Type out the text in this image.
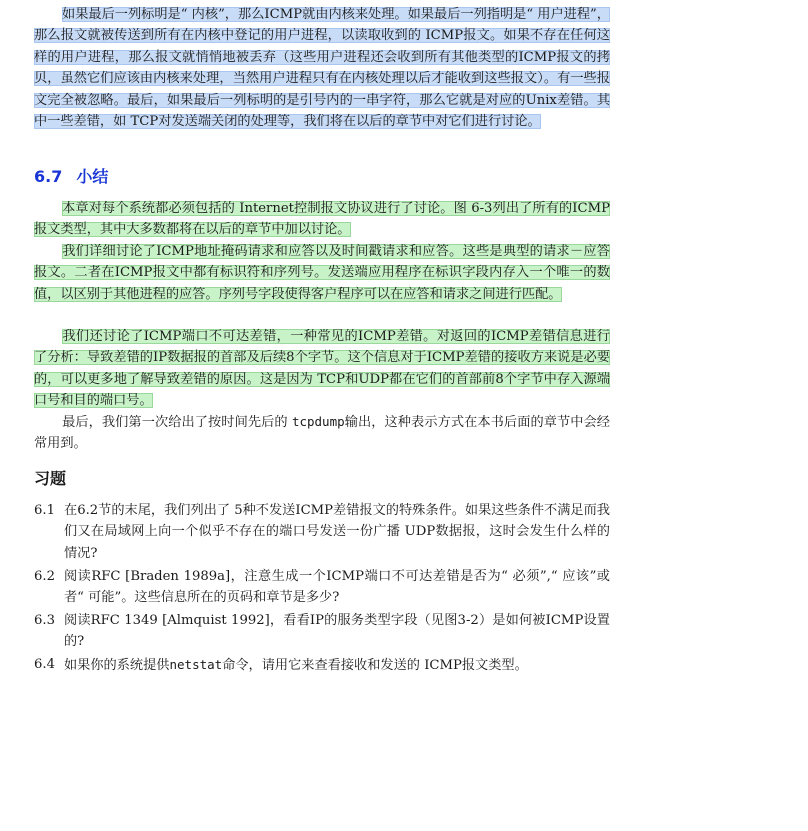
如果最后一列标明是“ 内核”，那么ICMP就由内核来处理。如果最后一列指明是“ 用户进程”，那么报文就被传送到所有在内核中登记的用户进程，以读取收到的 ICMP报文。如果不存在任何这样的用户进程，那么报文就悄悄地被丢弃（这些用户进程还会收到所有其他类型的ICMP报文的拷贝，虽然它们应该由内核来处理，当然用户进程只有在内核处理以后才能收到这些报文）。有一些报文完全被忽略。最后，如果最后一列标明的是引号内的一串字符，那么它就是对应的Unix差错。其中一些差错，如 TCP对发送端关闭的处理等，我们将在以后的章节中对它们进行讨论。

6.7 小结

本章对每个系统都必须包括的 Internet控制报文协议进行了讨论。图 6-3列出了所有的ICMP报文类型，其中大多数都将在以后的章节中加以讨论。

我们详细讨论了ICMP地址掩码请求和应答以及时间戳请求和应答。这些是典型的请求－应答报文。二者在ICMP报文中都有标识符和序列号。发送端应用程序在标识字段内存入一个唯一的数值，以区别于其他进程的应答。序列号字段使得客户程序可以在应答和请求之间进行匹配。

我们还讨论了ICMP端口不可达差错，一种常见的ICMP差错。对返回的ICMP差错信息进行了分析：导致差错的IP数据报的首部及后续8个字节。这个信息对于ICMP差错的接收方来说是必要的，可以更多地了解导致差错的原因。这是因为 TCP和UDP都在它们的首部前8个字节中存入源端口号和目的端口号。

最后，我们第一次给出了按时间先后的 tcpdump输出，这种表示方式在本书后面的章节中会经常用到。

习题
6.1 在6.2节的末尾，我们列出了 5种不发送ICMP差错报文的特殊条件。如果这些条件不满足而我们又在局域网上向一个似乎不存在的端口号发送一份广播 UDP数据报，这时会发生什么样的情况?
6.2 阅读RFC [Braden 1989a]，注意生成一个ICMP端口不可达差错是否为“ 必须”,“ 应该”或者“ 可能”。这些信息所在的页码和章节是多少?
6.3 阅读RFC 1349 [Almquist 1992]，看看IP的服务类型字段（见图3-2）是如何被ICMP设置的?
6.4 如果你的系统提供netstat命令，请用它来查看接收和发送的 ICMP报文类型。
